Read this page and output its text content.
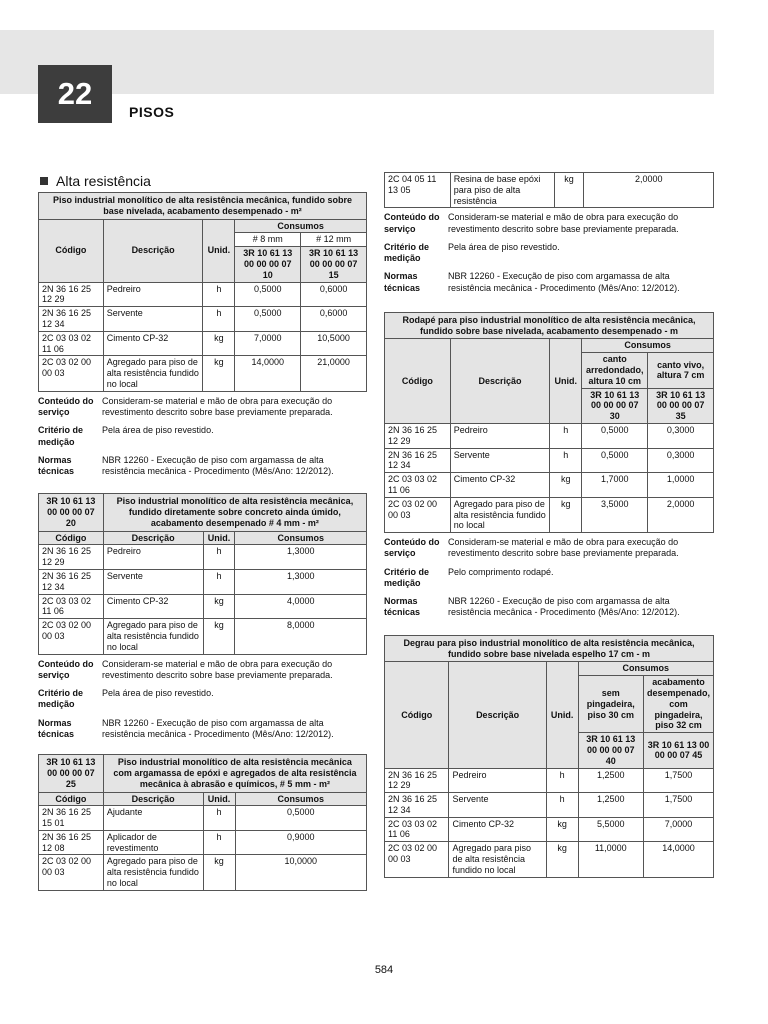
22
PISOS
Alta resistência
Piso industrial monolítico de alta resistência mecânica, fundido sobre base nivelada, acabamento desempenado - m²				
Código	Descrição	Unid.	Consumos	
			# 8 mm	# 12 mm
			3R 10 61 13 00 00 00 07 10	3R 10 61 13 00 00 00 07 15
2N 36 16 25 12 29	Pedreiro	h	0,5000	0,6000
2N 36 16 25 12 34	Servente	h	0,5000	0,6000
2C 03 03 02 11 06	Cimento CP-32	kg	7,0000	10,5000
2C 03 02 00 00 03	Agregado para piso de alta resistência fundido no local	kg	14,0000	21,0000
Conteúdo do serviço
Consideram-se material e mão de obra para execução do revestimento descrito sobre base previamente preparada.
Critério de medição
Pela área de piso revestido.
Normas técnicas
NBR 12260 - Execução de piso com argamassa de alta resistência mecânica - Procedimento (Mês/Ano: 12/2012).
3R 10 61 13 00 00 00 07 20	Piso industrial monolítico de alta resistência mecânica, fundido diretamente sobre concreto ainda úmido, acabamento desempenado # 4 mm - m²		
Código	Descrição	Unid.	Consumos
2N 36 16 25 12 29	Pedreiro	h	1,3000
2N 36 16 25 12 34	Servente	h	1,3000
2C 03 03 02 11 06	Cimento CP-32	kg	4,0000
2C 03 02 00 00 03	Agregado para piso de alta resistência fundido no local	kg	8,0000
Conteúdo do serviço
Consideram-se material e mão de obra para execução do revestimento descrito sobre base previamente preparada.
Critério de medição
Pela área de piso revestido.
Normas técnicas
NBR 12260 - Execução de piso com argamassa de alta resistência mecânica - Procedimento (Mês/Ano: 12/2012).
3R 10 61 13 00 00 00 07 25	Piso industrial monolítico de alta resistência mecânica com argamassa de epóxi e agregados de alta resistência mecânica à abrasão e químicos, # 5 mm - m²		
Código	Descrição	Unid.	Consumos
2N 36 16 25 15 01	Ajudante	h	0,5000
2N 36 16 25 12 08	Aplicador de revestimento	h	0,9000
2C 03 02 00 00 03	Agregado para piso de alta resistência fundido no local	kg	10,0000
2C 04 05 11 13 05	Resina de base epóxi para piso de alta resistência	kg	2,0000
Conteúdo do serviço
Consideram-se material e mão de obra para execução do revestimento descrito sobre base previamente preparada.
Critério de medição
Pela área de piso revestido.
Normas técnicas
NBR 12260 - Execução de piso com argamassa de alta resistência mecânica - Procedimento (Mês/Ano: 12/2012).
Rodapé para piso industrial monolítico de alta resistência mecânica, fundido sobre base nivelada, acabamento desempenado - m				
Código	Descrição	Unid.	Consumos	
			canto arredondado, altura 10 cm	canto vivo, altura 7 cm
			3R 10 61 13 00 00 00 07 30	3R 10 61 13 00 00 00 07 35
2N 36 16 25 12 29	Pedreiro	h	0,5000	0,3000
2N 36 16 25 12 34	Servente	h	0,5000	0,3000
2C 03 03 02 11 06	Cimento CP-32	kg	1,7000	1,0000
2C 03 02 00 00 03	Agregado para piso de alta resistência fundido no local	kg	3,5000	2,0000
Conteúdo do serviço
Consideram-se material e mão de obra para execução do revestimento descrito sobre base previamente preparada.
Critério de medição
Pelo comprimento rodapé.
Normas técnicas
NBR 12260 - Execução de piso com argamassa de alta resistência mecânica - Procedimento (Mês/Ano: 12/2012).
Degrau para piso industrial monolítico de alta resistência mecânica, fundido sobre base nivelada espelho 17 cm - m				
Código	Descrição	Unid.	Consumos	
			sem pingadeira, piso 30 cm	acabamento desempenado, com pingadeira, piso 32 cm
			3R 10 61 13 00 00 00 07 40	3R 10 61 13 00 00 00 07 45
2N 36 16 25 12 29	Pedreiro	h	1,2500	1,7500
2N 36 16 25 12 34	Servente	h	1,2500	1,7500
2C 03 03 02 11 06	Cimento CP-32	kg	5,5000	7,0000
2C 03 02 00 00 03	Agregado para piso de alta resistência fundido no local	kg	11,0000	14,0000
584
